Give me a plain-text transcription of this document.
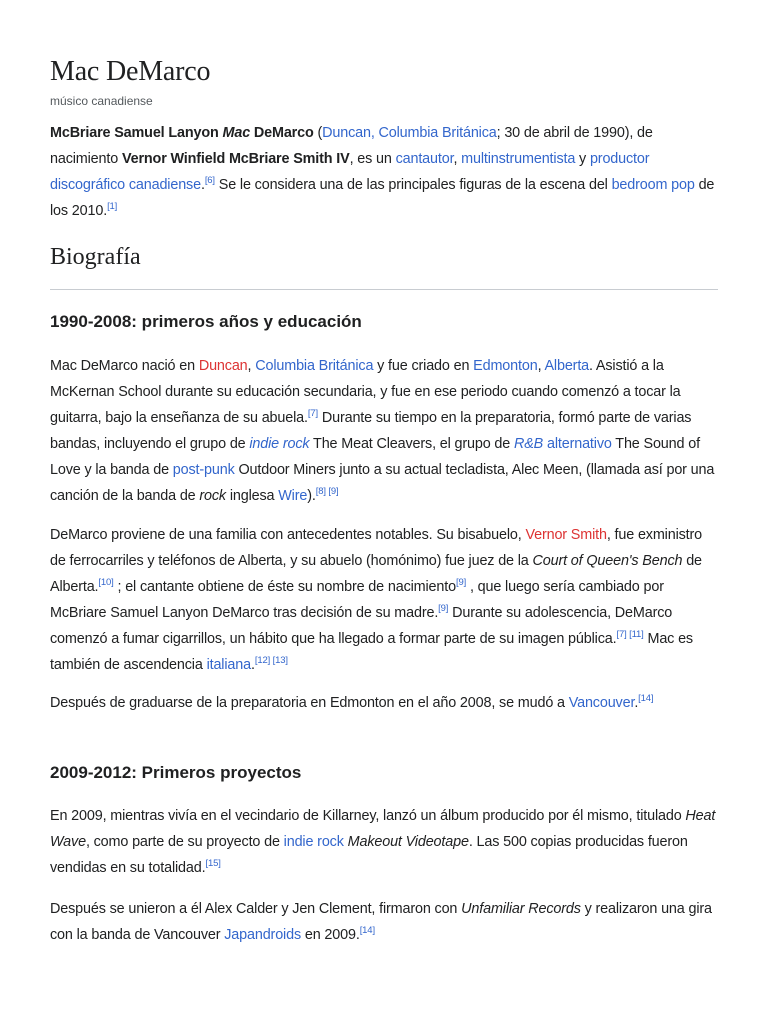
Mac DeMarco
músico canadiense

McBriare Samuel Lanyon Mac DeMarco (Duncan, Columbia Británica; 30 de abril de 1990), de nacimiento Vernor Winfield McBriare Smith IV, es un cantautor, multinstrumentista y productor discográfico canadiense.[6] Se le considera una de las principales figuras de la escena del bedroom pop de los 2010.[1]

Biografía
1990-2008: primeros años y educación

Mac DeMarco nació en Duncan, Columbia Británica y fue criado en Edmonton, Alberta. Asistió a la McKernan School durante su educación secundaria, y fue en ese periodo cuando comenzó a tocar la guitarra, bajo la enseñanza de su abuela.[7] Durante su tiempo en la preparatoria, formó parte de varias bandas, incluyendo el grupo de indie rock The Meat Cleavers, el grupo de R&B alternativo The Sound of Love y la banda de post-punk Outdoor Miners junto a su actual tecladista, Alec Meen, (llamada así por una canción de la banda de rock inglesa Wire).[8] [9]

DeMarco proviene de una familia con antecedentes notables. Su bisabuelo, Vernor Smith, fue exministro de ferrocarriles y teléfonos de Alberta, y su abuelo (homónimo) fue juez de la Court of Queen's Bench de Alberta.[10] ; el cantante obtiene de éste su nombre de nacimiento[9] , que luego sería cambiado por McBriare Samuel Lanyon DeMarco tras decisión de su madre.[9] Durante su adolescencia, DeMarco comenzó a fumar cigarrillos, un hábito que ha llegado a formar parte de su imagen pública.[7] [11] Mac es también de ascendencia italiana.[12] [13]

Después de graduarse de la preparatoria en Edmonton en el año 2008, se mudó a Vancouver.[14]

2009-2012: Primeros proyectos

En 2009, mientras vivía en el vecindario de Killarney, lanzó un álbum producido por él mismo, titulado Heat Wave, como parte de su proyecto de indie rock Makeout Videotape. Las 500 copias producidas fueron vendidas en su totalidad.[15]

Después se unieron a él Alex Calder y Jen Clement, firmaron con Unfamiliar Records y realizaron una gira con la banda de Vancouver Japandroids en 2009.[14]
